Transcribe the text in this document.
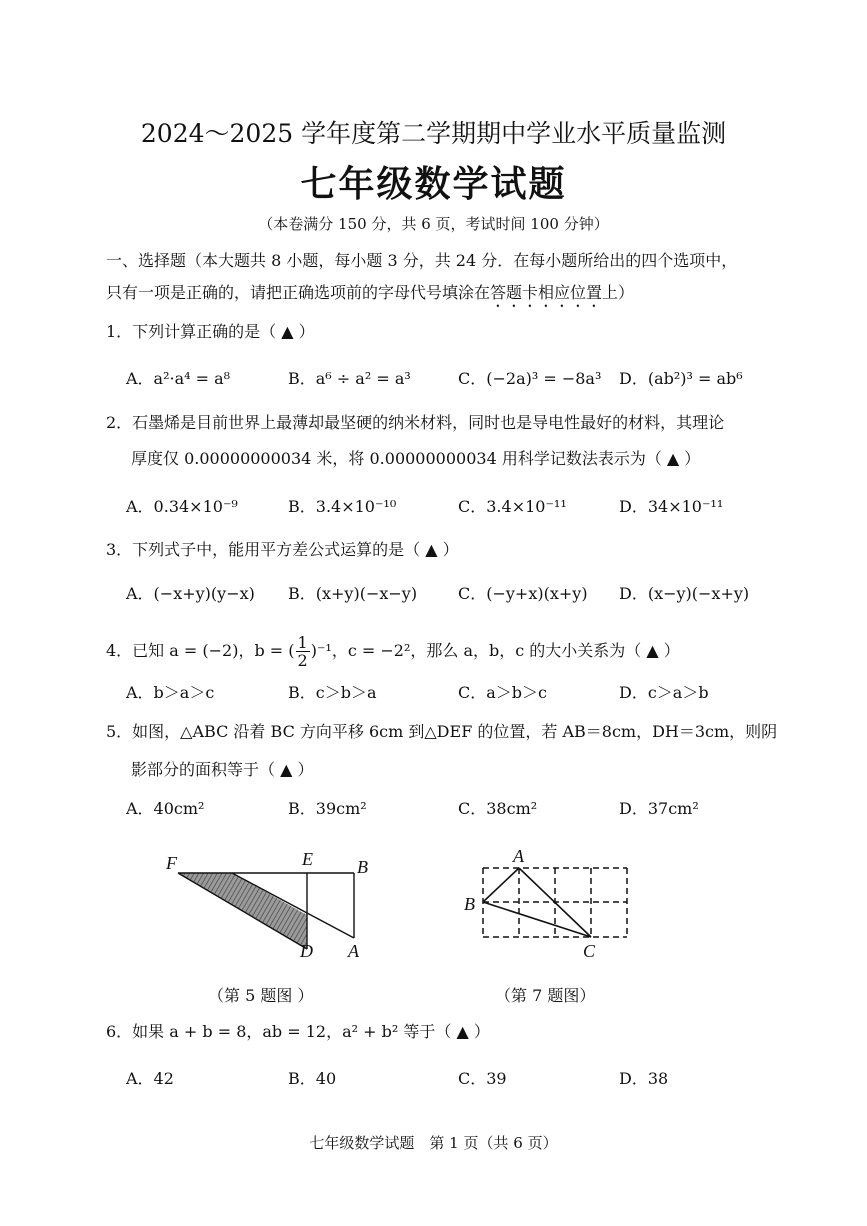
2024～2025 学年度第二学期期中学业水平质量监测
七年级数学试题
（本卷满分 150 分，共 6 页，考试时间 100 分钟）
一、选择题（本大题共 8 小题，每小题 3 分，共 24 分．在每小题所给出的四个选项中，
只有一项是正确的，请把正确选项前的字母代号填涂在答题卡相应位置上）
1．下列计算正确的是（ ▲ ）
A．a²·a⁴ = a⁸	B．a⁶ ÷ a² = a³	C．(−2a)³ = −8a³ D．(ab²)³ = ab⁶
2．石墨烯是目前世界上最薄却最坚硬的纳米材料，同时也是导电性最好的材料，其理论
厚度仅 0.00000000034 米，将 0.00000000034 用科学记数法表示为（ ▲ ）
A．0.34×10⁻⁹	B．3.4×10⁻¹⁰	C．3.4×10⁻¹¹	D．34×10⁻¹¹
3．下列式子中，能用平方差公式运算的是（ ▲ ）
A．(−x+y)(y−x) B．(x+y)(−x−y)	C．(−y+x)(x+y) D．(x−y)(−x+y)
4．已知 a = (−2)，b = ( $\frac{1}{2} )^{-1}$，c = −2²，那么 a，b，c 的大小关系为（ ▲ ）
A．b＞a＞c	B．c＞b＞a	C．a＞b＞c	D．c＞a＞b
5．如图，△ABC 沿着 BC 方向平移 6cm 到△DEF 的位置，若 AB＝8cm，DH＝3cm，则阴
影部分的面积等于（ ▲ ）
A．40cm²	B．39cm²	C．38cm²	D．37cm²
F	E B
D A
A
B
C
（第 5 题图 ）	（第 7 题图）
6．如果 a + b = 8，ab = 12，a² + b² 等于（ ▲ ）
A．42	B．40	C．39	D．38
七年级数学试题　第 1 页（共 6 页）
